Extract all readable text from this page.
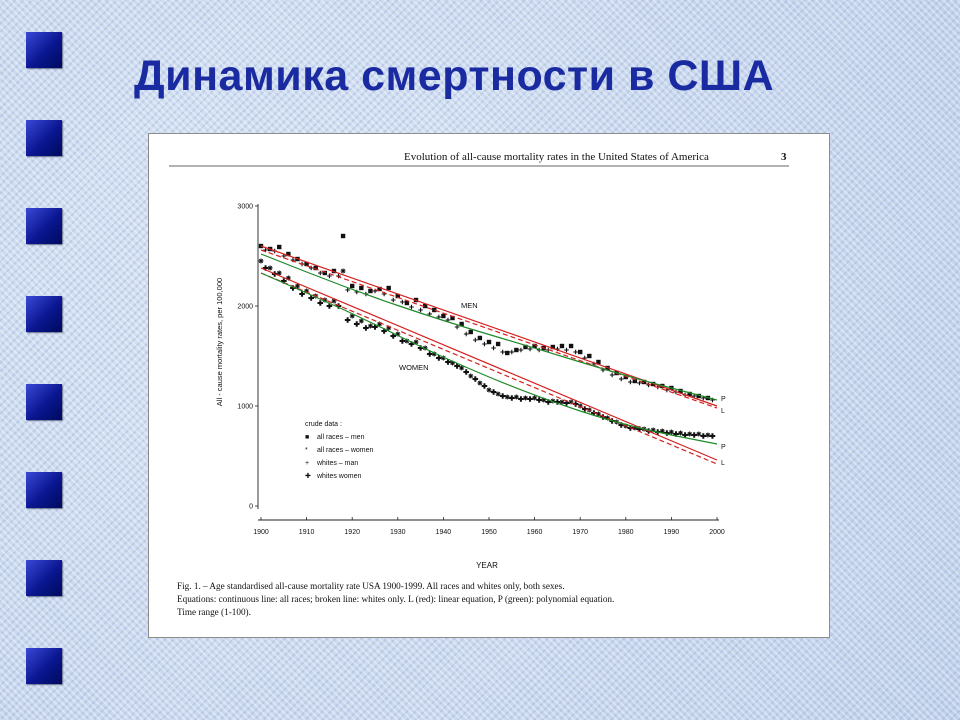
Динамика смертности в США
Evolution of all-cause mortality rates in the United States of America	3
All - cause mortality rates, per 100,000
YEAR
0
1000
2000
3000
1900	1910	1920	1930	1940	1950	1960	1970	1980	1990	2000
MEN
WOMEN
P
L
P
L
crude data :
■ all races – men
* all races – women
+ whites – man
✚ whites women
Fig. 1. – Age standardised all-cause mortality rate USA 1900-1999. All races and whites only, both sexes.
Equations: continuous line: all races; broken line: whites only. L (red): linear equation, P (green): polynomial equation.
Time range (1-100).
